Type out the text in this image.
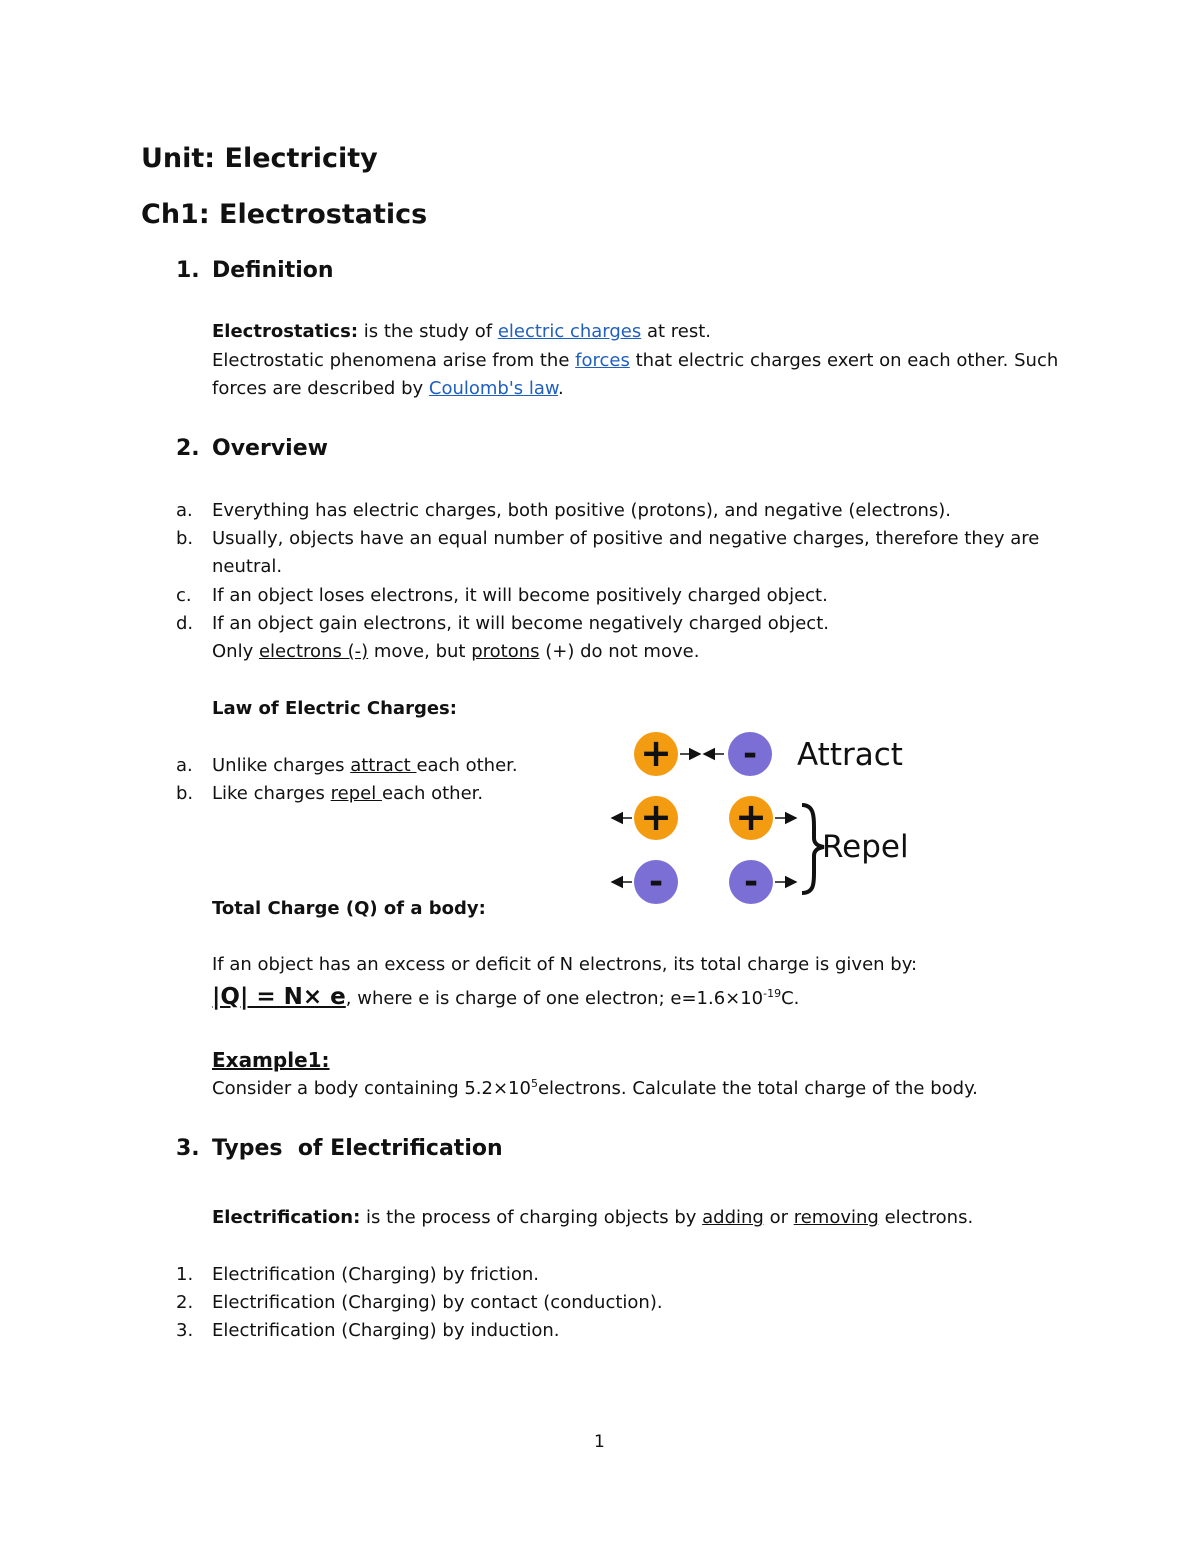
Unit: Electricity
Ch1: Electrostatics
1. Definition
Electrostatics: is the study of electric charges at rest.
Electrostatic phenomena arise from the forces that electric charges exert on each other. Such
forces are described by Coulomb's law.
2. Overview
a. Everything has electric charges, both positive (protons), and negative (electrons).
b. Usually, objects have an equal number of positive and negative charges, therefore they are
neutral.
c. If an object loses electrons, it will become positively charged object.
d. If an object gain electrons, it will become negatively charged object.
Only electrons (-) move, but protons (+) do not move.
Law of Electric Charges:
a. Unlike charges attract each other.
b. Like charges repel each other.
+ - Attract
+ +
- -
Repel
Total Charge (Q) of a body:
If an object has an excess or deficit of N electrons, its total charge is given by:
|Q| = N× e, where e is charge of one electron; $e=1.6\times 10^{-19}C$.
Example1:
Consider a body containing $5.2\times 10^5electrons$. Calculate the total charge of the body.
3. Types  of Electrification
Electrification: is the process of charging objects by adding or removing electrons.
1. Electrification (Charging) by friction.
2. Electrification (Charging) by contact (conduction).
3. Electrification (Charging) by induction.
1
